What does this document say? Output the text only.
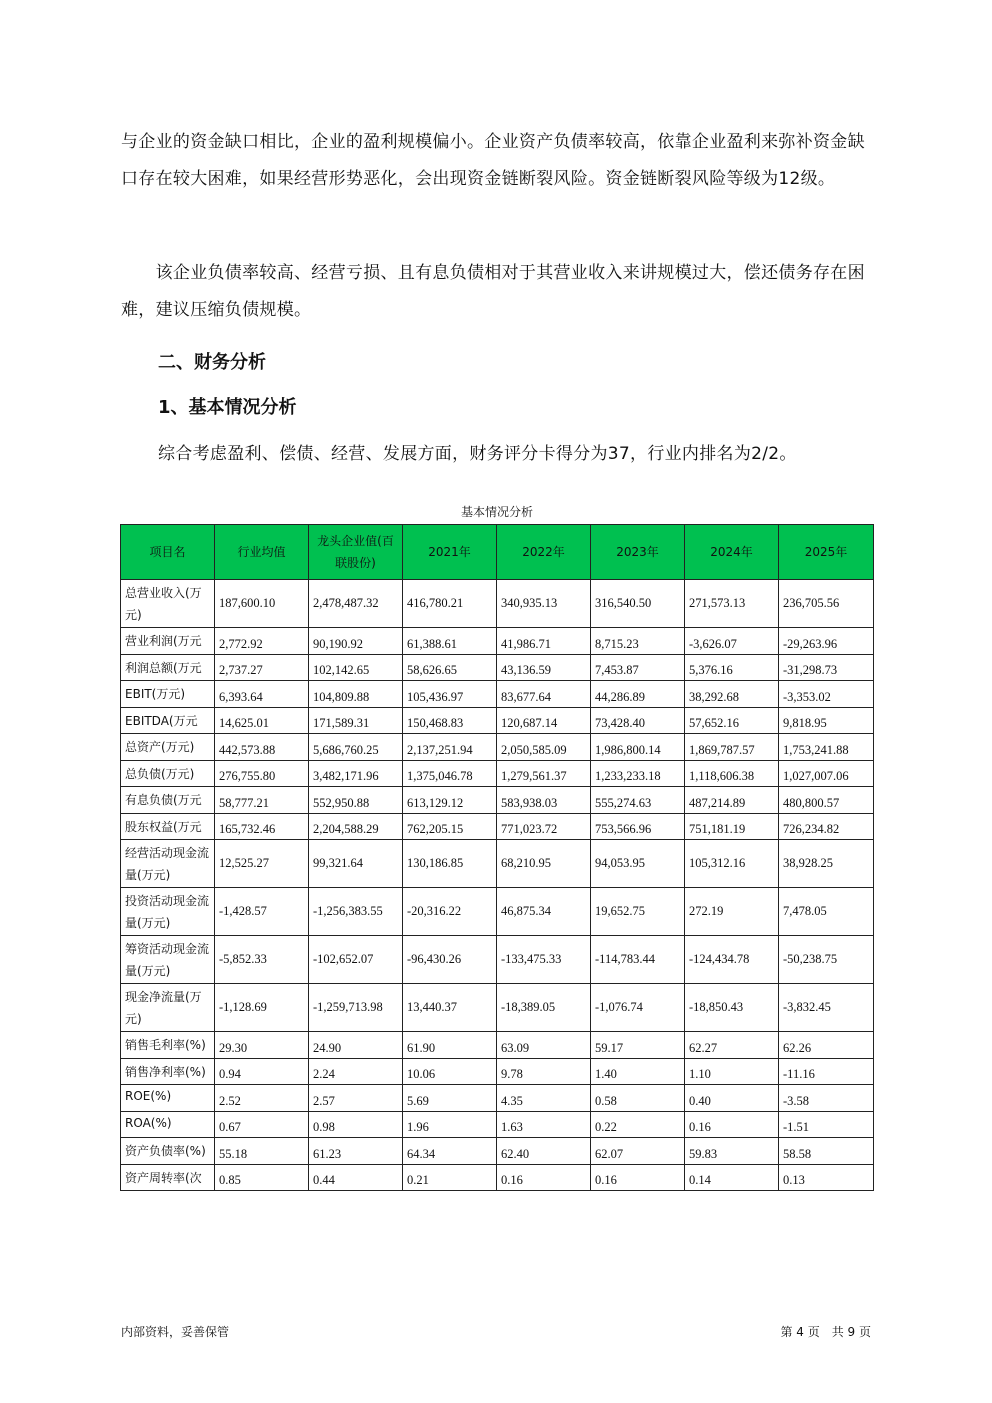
与企业的资金缺口相比，企业的盈利规模偏小。企业资产负债率较高，依靠企业盈利来弥补资金缺口存在较大困难，如果经营形势恶化，会出现资金链断裂风险。资金链断裂风险等级为12级。

　　该企业负债率较高、经营亏损、且有息负债相对于其营业收入来讲规模过大，偿还债务存在困难，建议压缩负债规模。

二、财务分析
1、基本情况分析

综合考虑盈利、偿债、经营、发展方面，财务评分卡得分为37，行业内排名为2/2。

基本情况分析
项目名	行业均值	龙头企业值(百联股份)	2021年	2022年	2023年	2024年	2025年
总营业收入(万元)	187,600.10	2,478,487.32	416,780.21	340,935.13	316,540.50	271,573.13	236,705.56
营业利润(万元	2,772.92	90,190.92	61,388.61	41,986.71	8,715.23	-3,626.07	-29,263.96
利润总额(万元	2,737.27	102,142.65	58,626.65	43,136.59	7,453.87	5,376.16	-31,298.73
EBIT(万元)	6,393.64	104,809.88	105,436.97	83,677.64	44,286.89	38,292.68	-3,353.02
EBITDA(万元	14,625.01	171,589.31	150,468.83	120,687.14	73,428.40	57,652.16	9,818.95
总资产(万元)	442,573.88	5,686,760.25	2,137,251.94	2,050,585.09	1,986,800.14	1,869,787.57	1,753,241.88
总负债(万元)	276,755.80	3,482,171.96	1,375,046.78	1,279,561.37	1,233,233.18	1,118,606.38	1,027,007.06
有息负债(万元	58,777.21	552,950.88	613,129.12	583,938.03	555,274.63	487,214.89	480,800.57
股东权益(万元	165,732.46	2,204,588.29	762,205.15	771,023.72	753,566.96	751,181.19	726,234.82
经营活动现金流量(万元)	12,525.27	99,321.64	130,186.85	68,210.95	94,053.95	105,312.16	38,928.25
投资活动现金流量(万元)	-1,428.57	-1,256,383.55	-20,316.22	46,875.34	19,652.75	272.19	7,478.05
筹资活动现金流量(万元)	-5,852.33	-102,652.07	-96,430.26	-133,475.33	-114,783.44	-124,434.78	-50,238.75
现金净流量(万元)	-1,128.69	-1,259,713.98	13,440.37	-18,389.05	-1,076.74	-18,850.43	-3,832.45
销售毛利率(%)	29.30	24.90	61.90	63.09	59.17	62.27	62.26
销售净利率(%)	0.94	2.24	10.06	9.78	1.40	1.10	-11.16
ROE(%)	2.52	2.57	5.69	4.35	0.58	0.40	-3.58
ROA(%)	0.67	0.98	1.96	1.63	0.22	0.16	-1.51
资产负债率(%)	55.18	61.23	64.34	62.40	62.07	59.83	58.58
资产周转率(次	0.85	0.44	0.21	0.16	0.16	0.14	0.13
内部资料，妥善保管	第 4 页　共 9 页
